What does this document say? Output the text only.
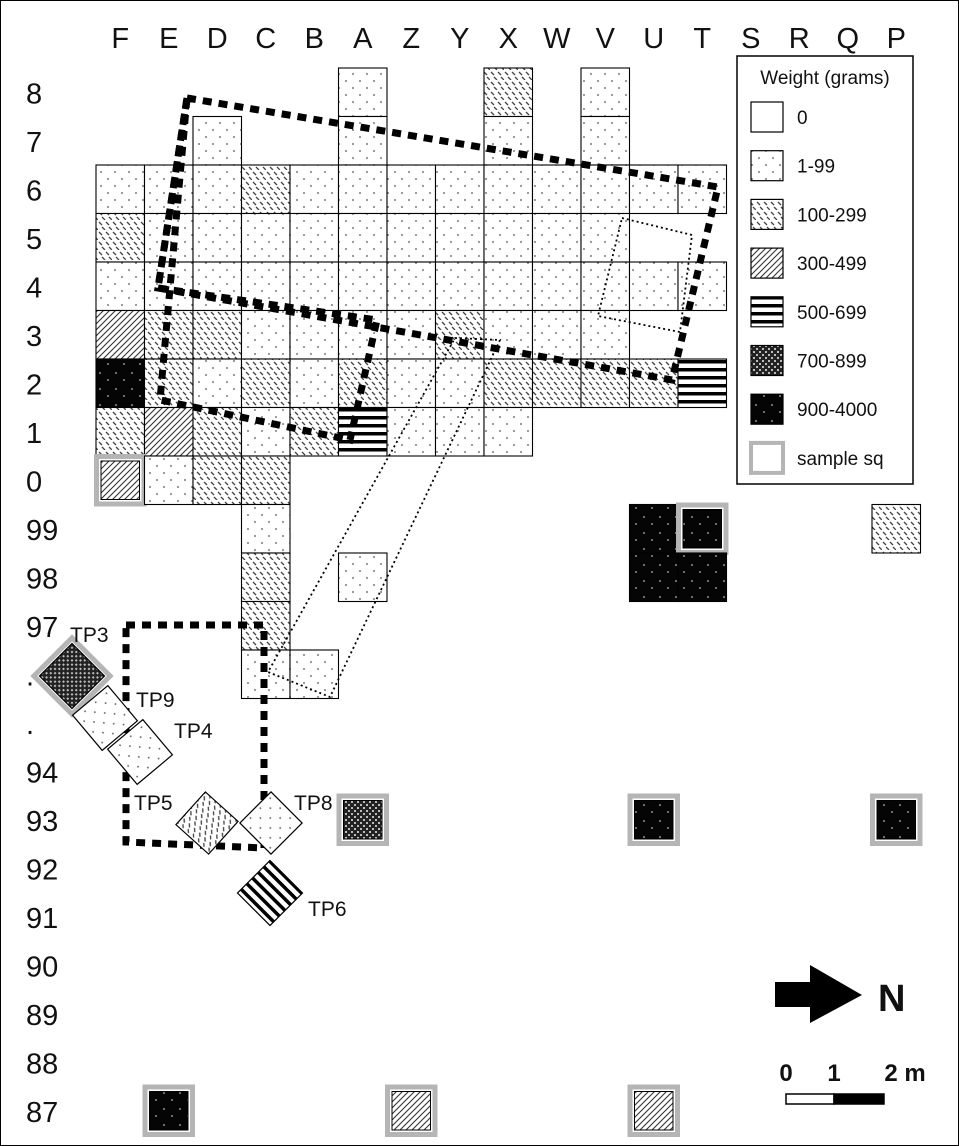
F E D C B A Z Y X W V U T S R Q P
8
7
6
5
4
3
2
1
0
99
98
97
.
.
94
93
92
91
90
89
88
87
TP3
TP9
TP4
TP5	TP8
TP6
Weight (grams)
0
1-99
100-299
300-499
500-699
700-899
900-4000
sample sq
N
0 1 2 m
